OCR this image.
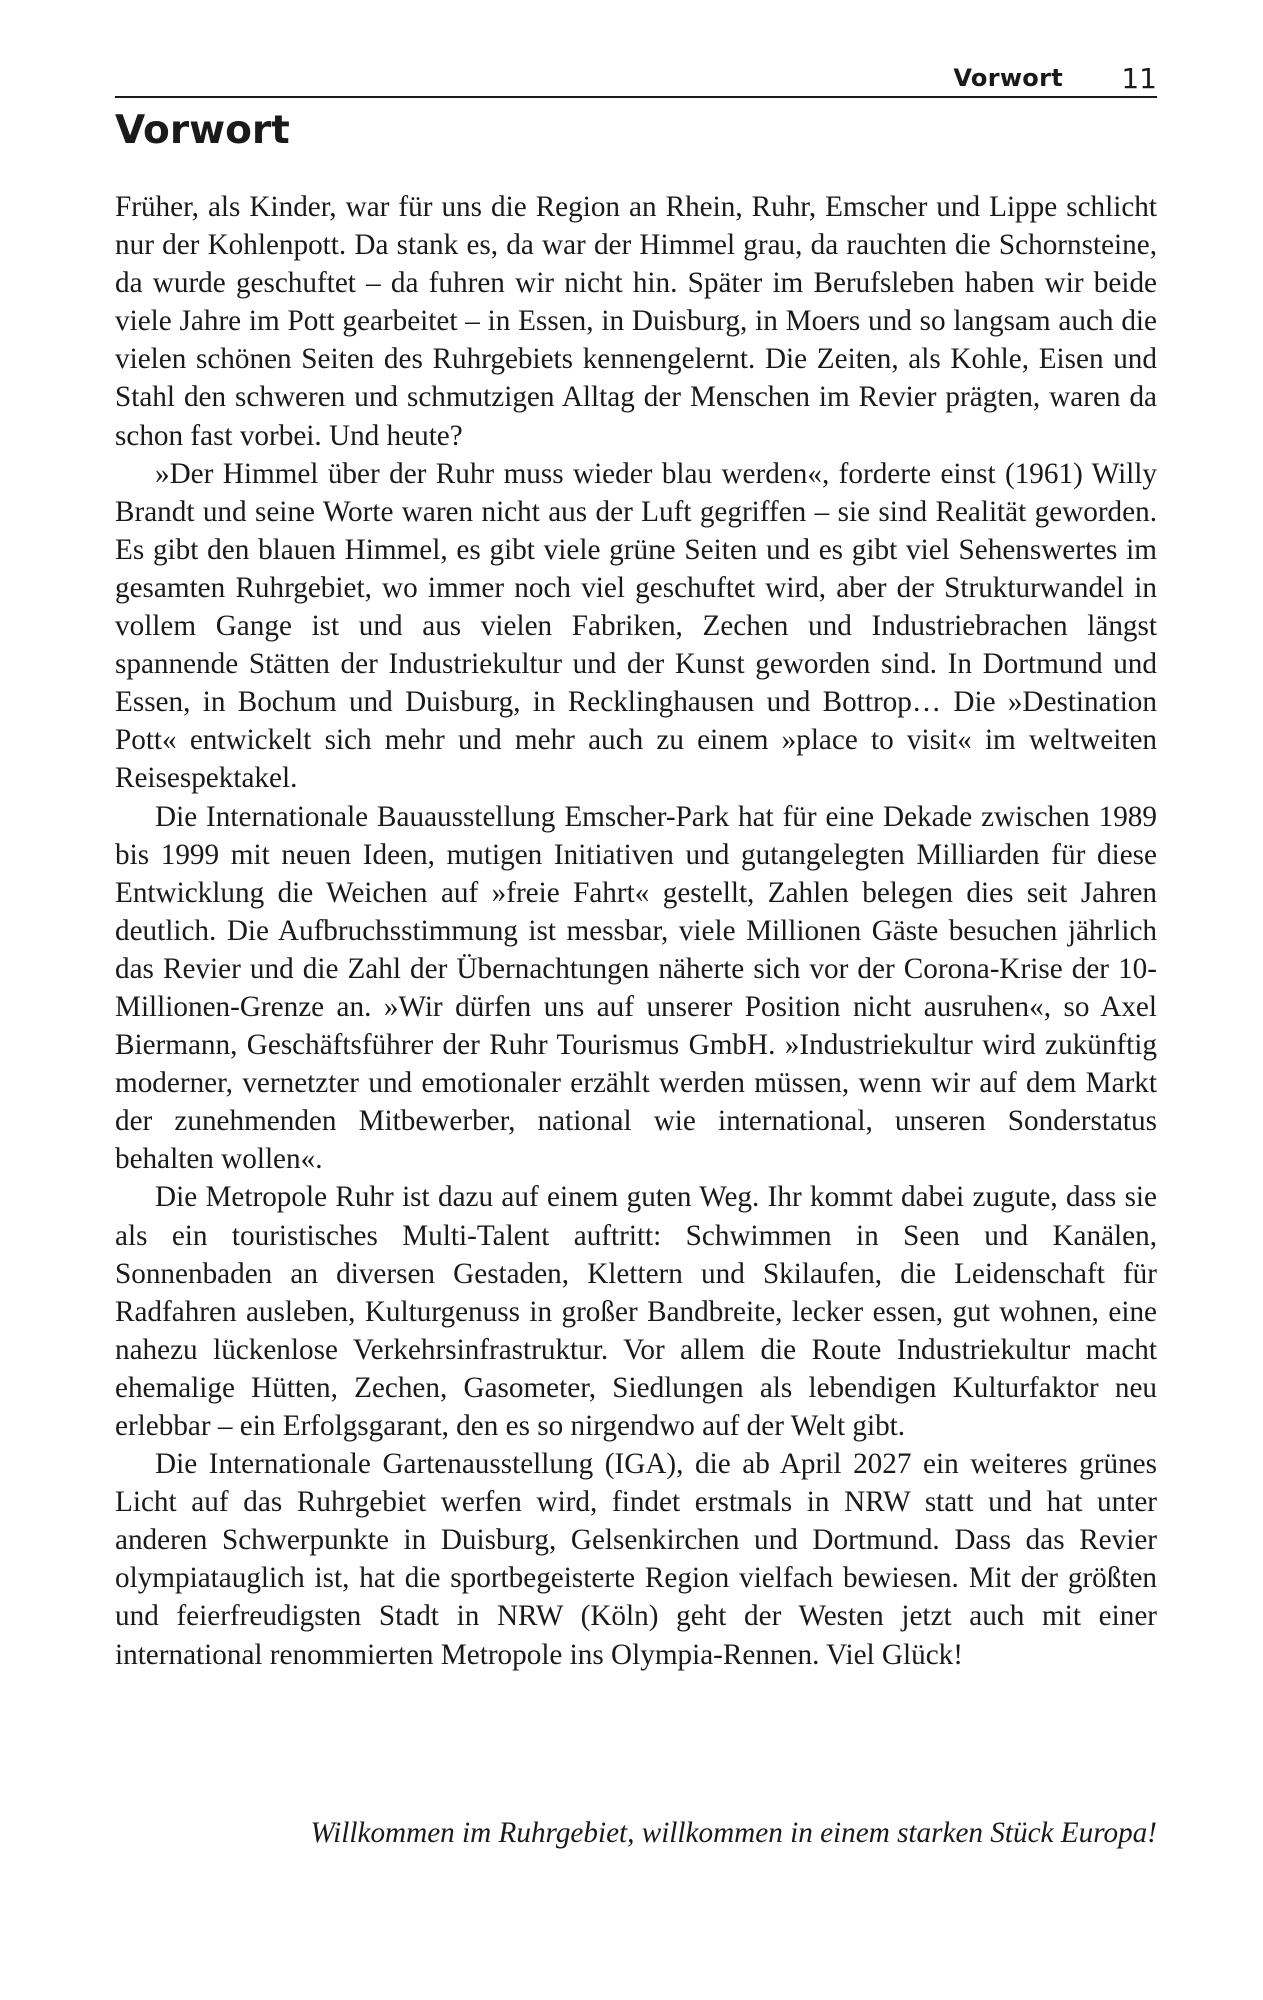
Vorwort 11
Vorwort

Früher, als Kinder, war für uns die Region an Rhein, Ruhr, Emscher und Lippe schlicht nur der Kohlenpott. Da stank es, da war der Himmel grau, da rauchten die Schornsteine, da wurde geschuftet – da fuhren wir nicht hin. Später im Berufsleben haben wir beide viele Jahre im Pott gearbeitet – in Essen, in Duisburg, in Moers und so langsam auch die vielen schönen Seiten des Ruhrgebiets kennengelernt. Die Zeiten, als Kohle, Eisen und Stahl den schweren und schmutzigen Alltag der Menschen im Revier prägten, waren da schon fast vorbei. Und heute?

»Der Himmel über der Ruhr muss wieder blau werden«, forderte einst (1961) Willy Brandt und seine Worte waren nicht aus der Luft gegriffen – sie sind Realität geworden. Es gibt den blauen Himmel, es gibt viele grüne Seiten und es gibt viel Sehenswertes im gesamten Ruhrgebiet, wo immer noch viel geschuftet wird, aber der Strukturwandel in vollem Gange ist und aus vielen Fabriken, Zechen und Industriebrachen längst spannende Stätten der Industriekultur und der Kunst geworden sind. In Dortmund und Essen, in Bochum und Duisburg, in Recklinghausen und Bottrop… Die »Destination Pott« entwickelt sich mehr und mehr auch zu einem »place to visit« im weltweiten Reisespektakel.

Die Internationale Bauausstellung Emscher-Park hat für eine Dekade zwischen 1989 bis 1999 mit neuen Ideen, mutigen Initiativen und gutangelegten Milliarden für diese Entwicklung die Weichen auf »freie Fahrt« gestellt, Zahlen belegen dies seit Jahren deutlich. Die Aufbruchsstimmung ist messbar, viele Millionen Gäste besuchen jährlich das Revier und die Zahl der Übernachtungen näherte sich vor der Corona-Krise der 10-Millionen-Grenze an. »Wir dürfen uns auf unserer Position nicht ausruhen«, so Axel Biermann, Geschäftsführer der Ruhr Tourismus GmbH. »Industriekultur wird zukünftig moderner, vernetzter und emotionaler erzählt werden müssen, wenn wir auf dem Markt der zunehmenden Mitbewerber, national wie international, unseren Sonderstatus behalten wollen«.

Die Metropole Ruhr ist dazu auf einem guten Weg. Ihr kommt dabei zugute, dass sie als ein touristisches Multi-Talent auftritt: Schwimmen in Seen und Kanälen, Sonnenbaden an diversen Gestaden, Klettern und Skilaufen, die Leidenschaft für Radfahren ausleben, Kulturgenuss in großer Bandbreite, lecker essen, gut wohnen, eine nahezu lückenlose Verkehrsinfrastruktur. Vor allem die Route Industriekultur macht ehemalige Hütten, Zechen, Gasometer, Siedlungen als lebendigen Kulturfaktor neu erlebbar – ein Erfolgsgarant, den es so nirgendwo auf der Welt gibt.

Die Internationale Gartenausstellung (IGA), die ab April 2027 ein weiteres grünes Licht auf das Ruhrgebiet werfen wird, findet erstmals in NRW statt und hat unter anderen Schwerpunkte in Duisburg, Gelsenkirchen und Dortmund. Dass das Revier olympiatauglich ist, hat die sportbegeisterte Region vielfach bewiesen. Mit der größten und feierfreudigsten Stadt in NRW (Köln) geht der Westen jetzt auch mit einer international renommierten Metropole ins Olympia-Rennen. Viel Glück!

Willkommen im Ruhrgebiet, willkommen in einem starken Stück Europa!
